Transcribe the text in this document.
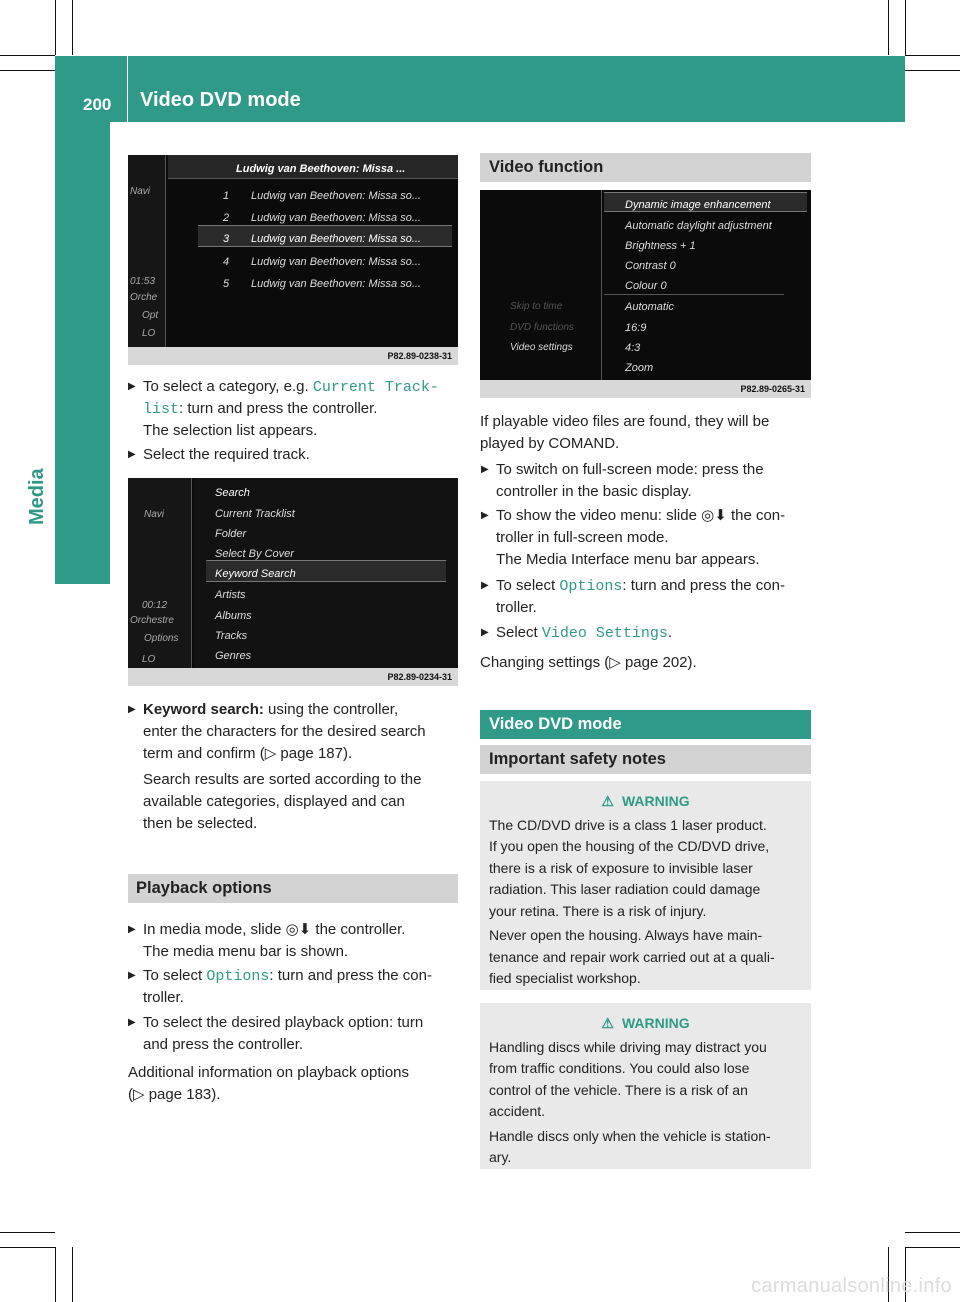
200 Video DVD mode
Media
Navi
01:53
Orche
Opt
LO
Ludwig van Beethoven: Missa ...
1 Ludwig van Beethoven: Missa so...
2 Ludwig van Beethoven: Missa so...
3 Ludwig van Beethoven: Missa so...
4 Ludwig van Beethoven: Missa so...
5 Ludwig van Beethoven: Missa so...
P82.89-0238-31
▶ To select a category, e.g. Current Track‐
list: turn and press the controller.
The selection list appears.
▶ Select the required track.
Navi
00:12
Orchestre
Options
LO
Search
Current Tracklist
Folder
Select By Cover
Keyword Search
Artists
Albums
Tracks
Genres
P82.89-0234-31
▶ Keyword search: using the controller,
enter the characters for the desired search
term and confirm (▷ page 187).
Search results are sorted according to the
available categories, displayed and can
then be selected.
Playback options
▶ In media mode, slide ◎⬇ the controller.
The media menu bar is shown.
▶ To select Options: turn and press the con-
troller.
▶ To select the desired playback option: turn
and press the controller.
Additional information on playback options
(▷ page 183).
Video function
Skip to time
DVD functions
Video settings
Dynamic image enhancement
Automatic daylight adjustment
Brightness + 1
Contrast 0
Colour 0
Automatic
16:9
4:3
Zoom
P82.89-0265-31
If playable video files are found, they will be
played by COMAND.
▶ To switch on full-screen mode: press the
controller in the basic display.
▶ To show the video menu: slide ◎⬇ the con-
troller in full-screen mode.
The Media Interface menu bar appears.
▶ To select Options: turn and press the con-
troller.
▶ Select Video Settings.
Changing settings (▷ page 202).
Video DVD mode
Important safety notes
⚠ WARNING

The CD/DVD drive is a class 1 laser product.
If you open the housing of the CD/DVD drive,
there is a risk of exposure to invisible laser
radiation. This laser radiation could damage
your retina. There is a risk of injury.

Never open the housing. Always have main-
tenance and repair work carried out at a quali-
fied specialist workshop.

⚠ WARNING

Handling discs while driving may distract you
from traffic conditions. You could also lose
control of the vehicle. There is a risk of an
accident.

Handle discs only when the vehicle is station-
ary.

carmanualsonline.info
